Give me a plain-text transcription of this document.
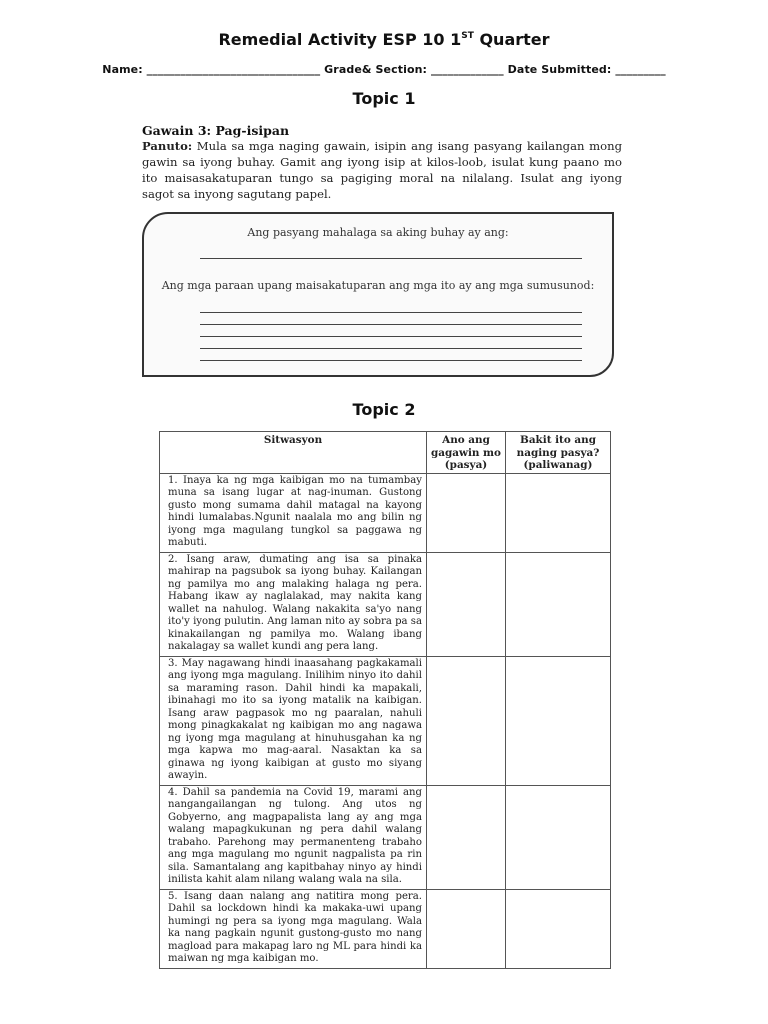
Remedial Activity ESP 10 1ST Quarter
Name: _______________________________ Grade& Section: _____________ Date Submitted: _________
Topic 1
Gawain 3: Pag-isipan
Panuto: Mula sa mga naging gawain, isipin ang isang pasyang kailangan mong gawin sa iyong buhay. Gamit ang iyong isip at kilos-loob, isulat kung paano mo ito maisasakatuparan tungo sa pagiging moral na nilalang. Isulat ang iyong sagot sa inyong sagutang papel.
Ang pasyang mahalaga sa aking buhay ay ang:
Ang mga paraan upang maisakatuparan ang mga ito ay ang mga sumusunod:
Topic 2
Sitwasyon	Ano ang gagawin mo (pasya)	Bakit ito ang naging pasya? (paliwanag)
1. Inaya ka ng mga kaibigan mo na tumambay muna sa isang lugar at nag-inuman. Gustong gusto mong sumama dahil matagal na kayong hindi lumalabas.Ngunit naalala mo ang bilin ng iyong mga magulang tungkol sa paggawa ng mabuti.		
2. Isang araw, dumating ang isa sa pinaka mahirap na pagsubok sa iyong buhay. Kailangan ng pamilya mo ang malaking halaga ng pera. Habang ikaw ay naglalakad, may nakita kang wallet na nahulog. Walang nakakita sa'yo nang ito'y iyong pulutin. Ang laman nito ay sobra pa sa kinakailangan ng pamilya mo. Walang ibang nakalagay sa wallet kundi ang pera lang.		
3. May nagawang hindi inaasahang pagkakamali ang iyong mga magulang. Inilihim ninyo ito dahil sa maraming rason. Dahil hindi ka mapakali, ibinahagi mo ito sa iyong matalik na kaibigan. Isang araw pagpasok mo ng paaralan, nahuli mong pinagkakalat ng kaibigan mo ang nagawa ng iyong mga magulang at hinuhusgahan ka ng mga kapwa mo mag-aaral. Nasaktan ka sa ginawa ng iyong kaibigan at gusto mo siyang awayin.		
4. Dahil sa pandemia na Covid 19, marami ang nangangailangan ng tulong. Ang utos ng Gobyerno, ang magpapalista lang ay ang mga walang mapagkukunan ng pera dahil walang trabaho. Parehong may permanenteng trabaho ang mga magulang mo ngunit nagpalista pa rin sila. Samantalang ang kapitbahay ninyo ay hindi inilista kahit alam nilang walang wala na sila.		
5. Isang daan nalang ang natitira mong pera. Dahil sa lockdown hindi ka makaka-uwi upang humingi ng pera sa iyong mga magulang. Wala ka nang pagkain ngunit gustong-gusto mo nang magload para makapag laro ng ML para hindi ka maiwan ng mga kaibigan mo.		
